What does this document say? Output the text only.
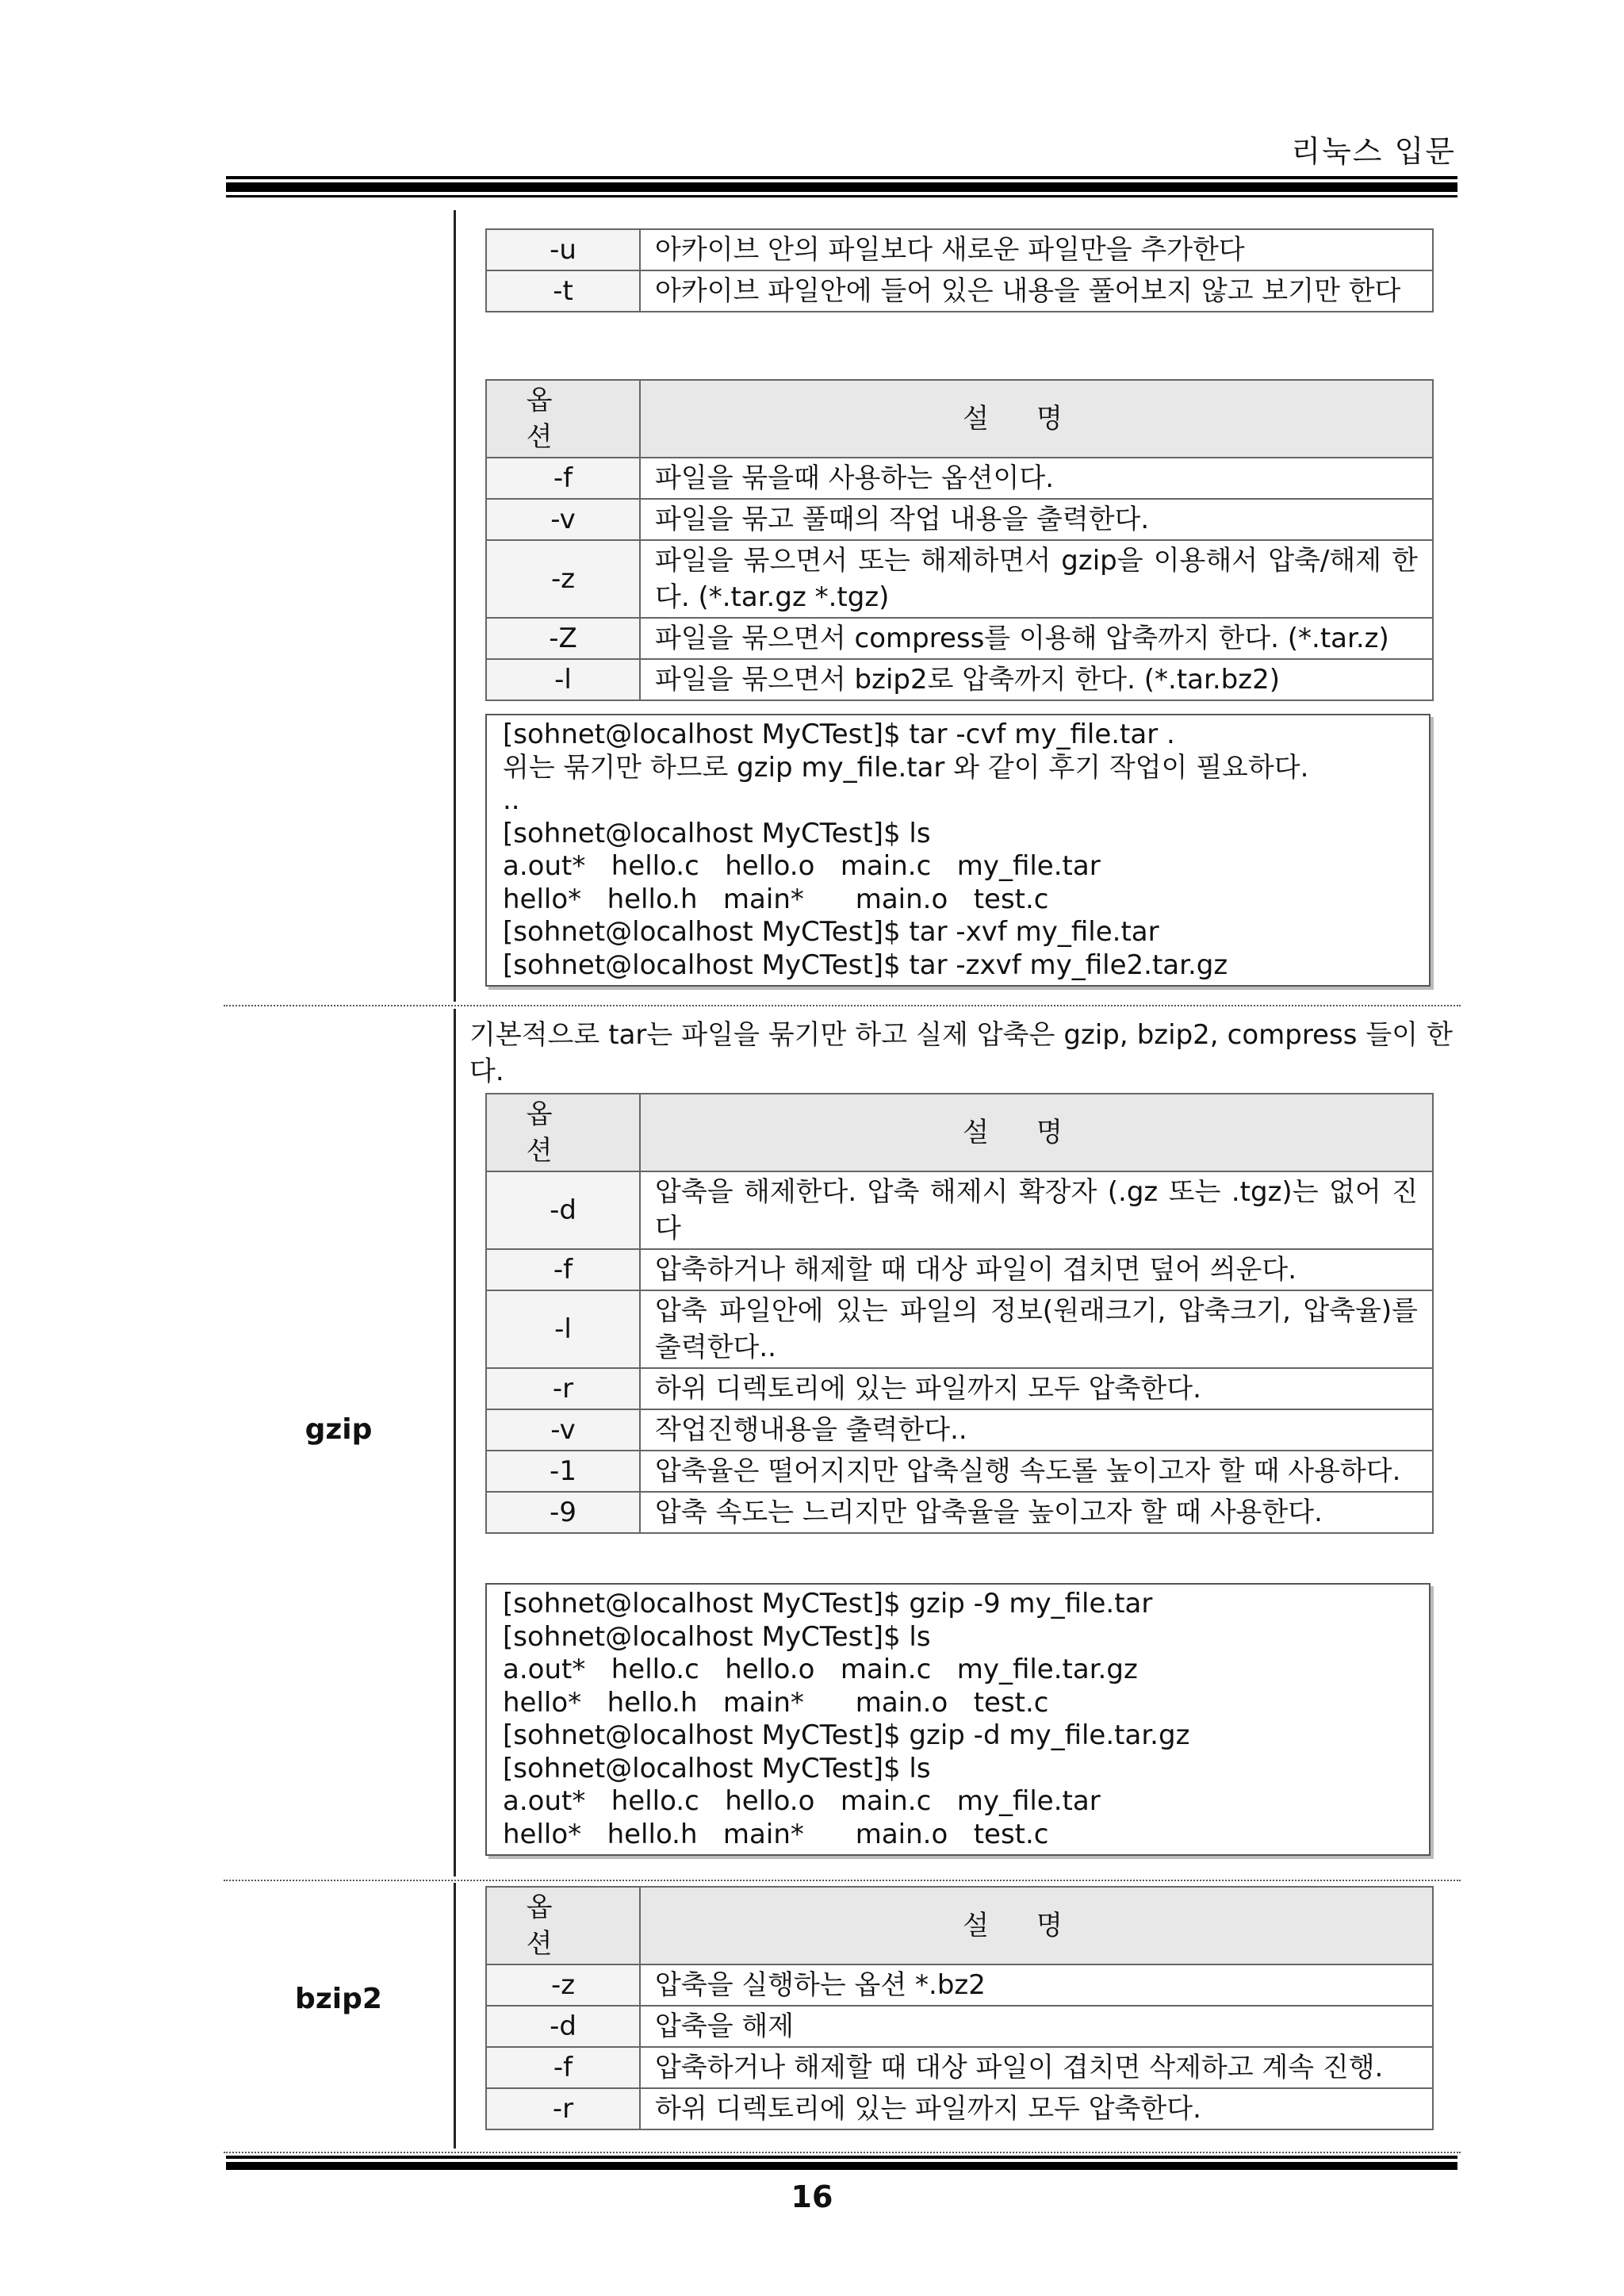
리눅스 입문
-u	아카이브 안의 파일보다 새로운 파일만을 추가한다
-t	아카이브 파일안에 들어 있은 내용을 풀어보지 않고 보기만 한다
옵션	설명
-f	파일을 묶을때 사용하는 옵션이다.
-v	파일을 묶고 풀때의 작업 내용을 출력한다.
-z	파일을 묶으면서 또는 해제하면서 gzip을 이용해서 압축/해제 한다. (*.tar.gz *.tgz)
-Z	파일을 묶으면서 compress를 이용해 압축까지 한다. (*.tar.z)
-l	파일을 묶으면서 bzip2로 압축까지 한다. (*.tar.bz2)
[sohnet@localhost MyCTest]$ tar -cvf my_file.tar .
위는 묶기만 하므로 gzip my_file.tar 와 같이 후기 작업이 필요하다.
..
[sohnet@localhost MyCTest]$ ls
a.out*   hello.c   hello.o   main.c   my_file.tar
hello*   hello.h   main*      main.o   test.c
[sohnet@localhost MyCTest]$ tar -xvf my_file.tar
[sohnet@localhost MyCTest]$ tar -zxvf my_file2.tar.gz
gzip
기본적으로 tar는 파일을 묶기만 하고 실제 압축은 gzip, bzip2, compress 들이 한다.
옵션	설명
-d	압축을 해제한다. 압축 해제시 확장자 (.gz 또는 .tgz)는 없어 진다
-f	압축하거나 해제할 때 대상 파일이 겹치면 덮어 씌운다.
-l	압축 파일안에 있는 파일의 정보(원래크기, 압축크기, 압축율)를 출력한다..
-r	하위 디렉토리에 있는 파일까지 모두 압축한다.
-v	작업진행내용을 출력한다..
-1	압축율은 떨어지지만 압축실행 속도롤 높이고자 할 때 사용하다.
-9	압축 속도는 느리지만 압축율을 높이고자 할 때 사용한다.
[sohnet@localhost MyCTest]$ gzip -9 my_file.tar
[sohnet@localhost MyCTest]$ ls
a.out*   hello.c   hello.o   main.c   my_file.tar.gz
hello*   hello.h   main*      main.o   test.c
[sohnet@localhost MyCTest]$ gzip -d my_file.tar.gz
[sohnet@localhost MyCTest]$ ls
a.out*   hello.c   hello.o   main.c   my_file.tar
hello*   hello.h   main*      main.o   test.c
bzip2
옵션	설명
-z	압축을 실행하는 옵션 *.bz2
-d	압축을 해제
-f	압축하거나 해제할 때 대상 파일이 겹치면 삭제하고 계속 진행.
-r	하위 디렉토리에 있는 파일까지 모두 압축한다.
16
